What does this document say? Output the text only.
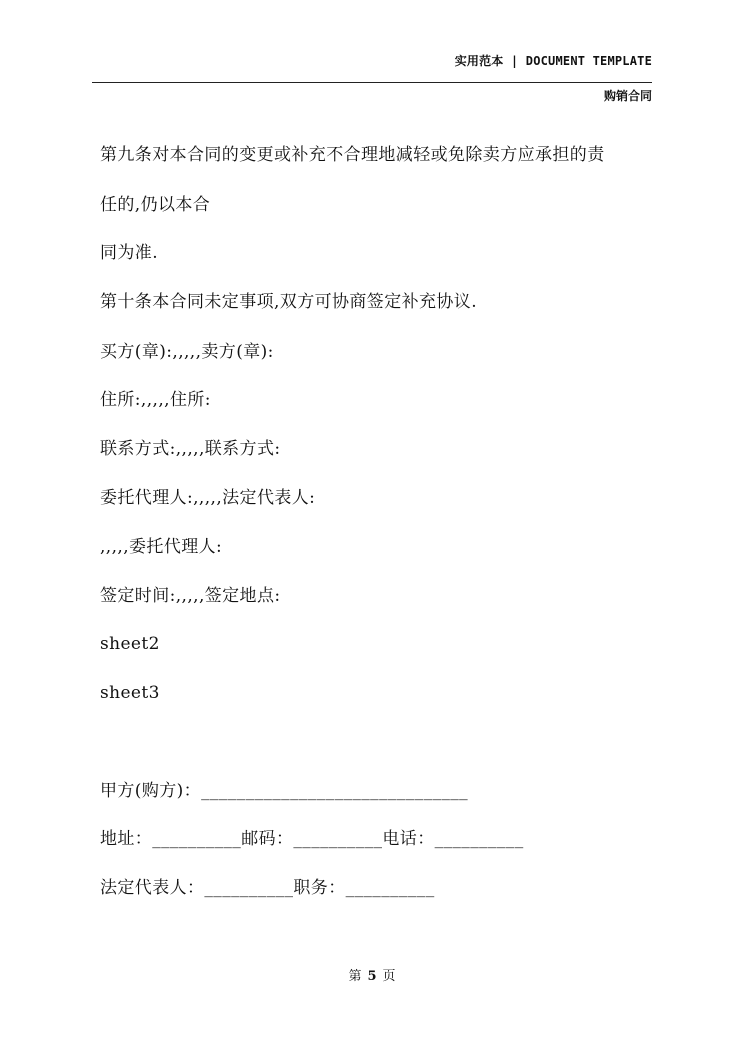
实用范本 | DOCUMENT TEMPLATE
购销合同
第九条对本合同的变更或补充不合理地减轻或免除卖方应承担的责
任的,仍以本合
同为准.
第十条本合同未定事项,双方可协商签定补充协议.
买方(章):,,,,,卖方(章):
住所:,,,,,住所:
联系方式:,,,,,联系方式:
委托代理人:,,,,,法定代表人:
,,,,,委托代理人:
签定时间:,,,,,签定地点:
sheet2
sheet3
甲方(购方)：______________________________
地址：__________邮码：__________电话：__________
法定代表人：__________职务：__________
第 5 页
